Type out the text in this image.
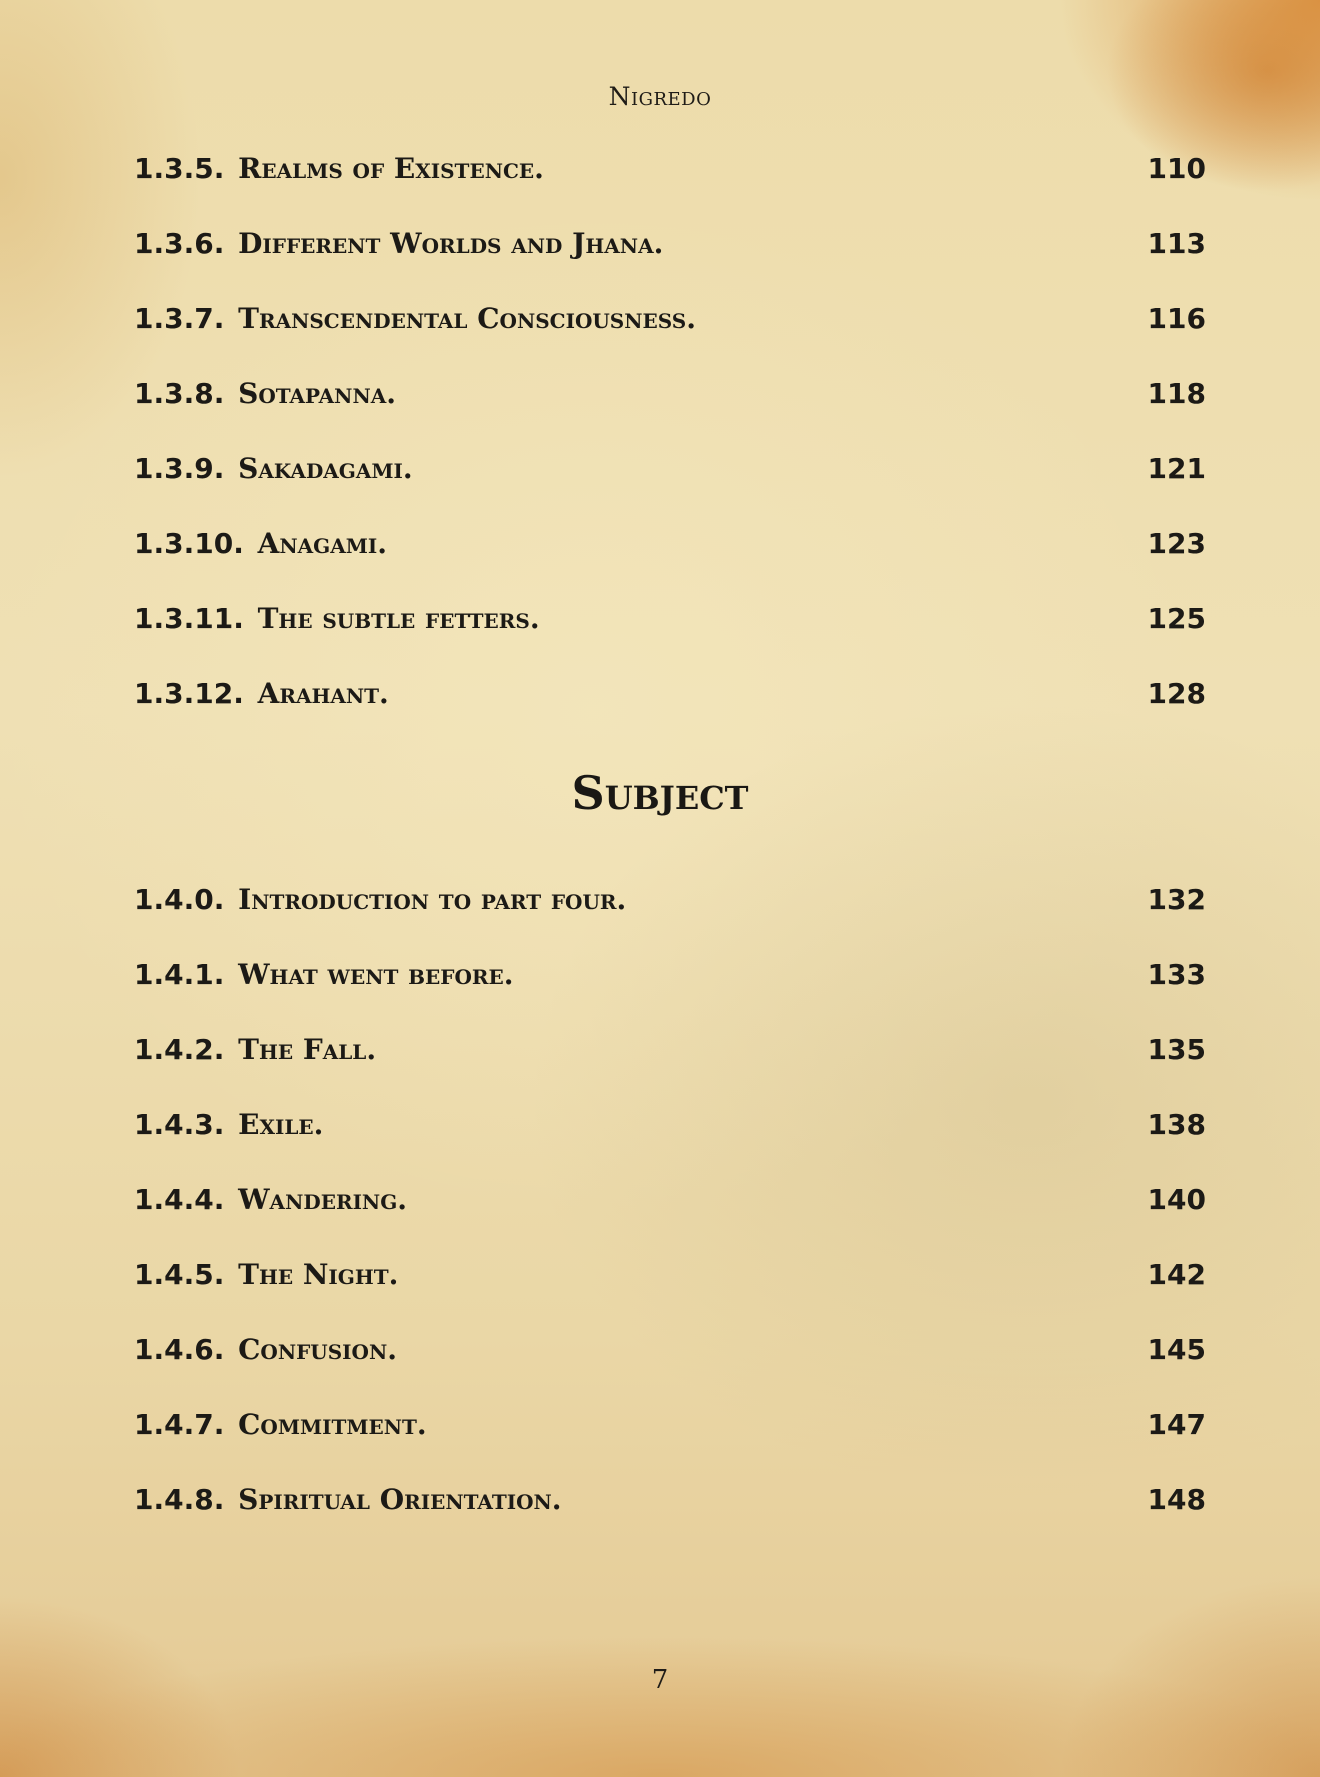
Nigredo
1.3.5. Realms of Existence.	110
1.3.6. Different Worlds and Jhana.	113
1.3.7. Transcendental Consciousness.	116
1.3.8. Sotapanna.	118
1.3.9. Sakadagami.	121
1.3.10. Anagami.	123
1.3.11. The subtle fetters.	125
1.3.12. Arahant.	128
Subject
1.4.0. Introduction to part four.	132
1.4.1. What went before.	133
1.4.2. The Fall.	135
1.4.3. Exile.	138
1.4.4. Wandering.	140
1.4.5. The Night.	142
1.4.6. Confusion.	145
1.4.7. Commitment.	147
1.4.8. Spiritual Orientation.	148
7
